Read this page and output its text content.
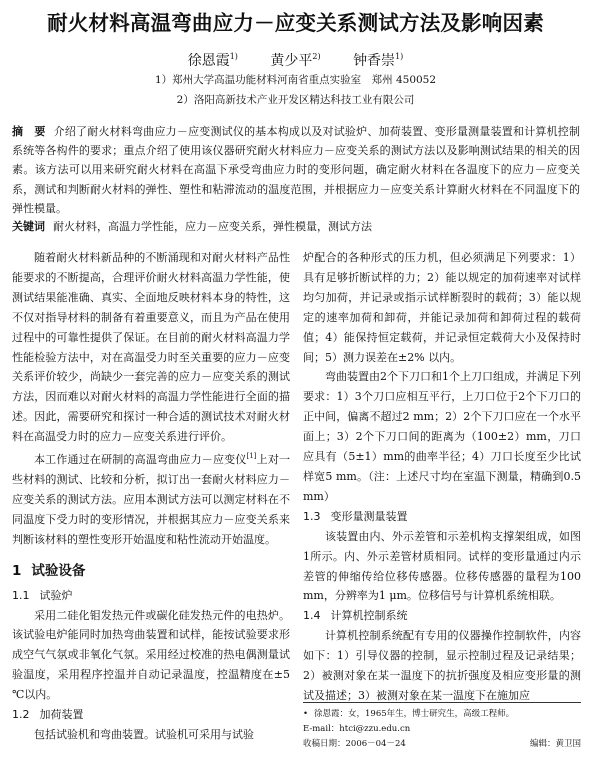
耐火材料高温弯曲应力－应变关系测试方法及影响因素
徐恩霞$^{1)}$ 黄少平$^{2)}$ 钟香崇$^{1)}$
1）郑州大学高温功能材料河南省重点实验室　郑州 450052
2）洛阳高新技术产业开发区精达科技工业有限公司
摘　要 介绍了耐火材料弯曲应力－应变测试仪的基本构成以及对试验炉、加荷装置、变形量测量装置和计算机控制系统等各构件的要求；重点介绍了使用该仪器研究耐火材料应力－应变关系的测试方法以及影响测试结果的相关的因素。该方法可以用来研究耐火材料在高温下承受弯曲应力时的变形问题，确定耐火材料在各温度下的应力－应变关系，测试和判断耐火材料的弹性、塑性和粘滞流动的温度范围，并根据应力－应变关系计算耐火材料在不同温度下的弹性模量。
关键词 耐火材料，高温力学性能，应力－应变关系，弹性模量，测试方法

随着耐火材料新品种的不断涌现和对耐火材料产品性能要求的不断提高，合理评价耐火材料高温力学性能，使测试结果能准确、真实、全面地反映材料本身的特性，这不仅对指导材料的制备有着重要意义，而且为产品在使用过程中的可靠性提供了保证。在目前的耐火材料高温力学性能检验方法中，对在高温受力时至关重要的应力－应变关系评价较少，尚缺少一套完善的应力－应变关系的测试方法，因而难以对耐火材料的高温力学性能进行全面的描述。因此，需要研究和探讨一种合适的测试技术对耐火材料在高温受力时的应力－应变关系进行评价。

本工作通过在研制的高温弯曲应力－应变仪[1]上对一些材料的测试、比较和分析，拟订出一套耐火材料应力－应变关系的测试方法。应用本测试方法可以测定材料在不同温度下受力时的变形情况，并根据其应力－应变关系来判断该材料的塑性变形开始温度和粘性流动开始温度。

1 试验设备
1.1 试验炉

采用二硅化钼发热元件或碳化硅发热元件的电热炉。该试验电炉能同时加热弯曲装置和试样，能按试验要求形成空气气氛或非氧化气氛。采用经过校准的热电偶测量试验温度，采用程序控温并自动记录温度，控温精度在±5 ℃以内。

1.2 加荷装置

包括试验机和弯曲装置。试验机可采用与试验

炉配合的各种形式的压力机，但必须满足下列要求：1）具有足够折断试样的力；2）能以规定的加荷速率对试样均匀加荷，并记录或指示试样断裂时的载荷；3）能以规定的速率加荷和卸荷，并能记录加荷和卸荷过程的载荷值；4）能保持恒定载荷，并记录恒定载荷大小及保持时间；5）测力误差在±2% 以内。

弯曲装置由2个下刀口和1个上刀口组成，并满足下列要求：1）3个刀口应相互平行，上刀口位于2个下刀口的正中间，偏离不超过2 mm；2）2个下刀口应在一个水平面上；3）2个下刀口间的距离为（100±2）mm，刀口应具有（5±1）mm的曲率半径；4）刀口长度至少比试样宽5 mm。（注：上述尺寸均在室温下测量，精确到0.5 mm）

1.3 变形量测量装置

该装置由内、外示差管和示差机构支撑架组成，如图1所示。内、外示差管材质相同。试样的变形量通过内示差管的伸缩传给位移传感器。位移传感器的量程为100 mm，分辨率为1 μm。位移信号与计算机系统相联。

1.4 计算机控制系统

计算机控制系统配有专用的仪器操作控制软件，内容如下：1）引导仪器的控制，显示控制过程及记录结果；2）被测对象在某一温度下的抗折强度及相应变形量的测试及描述；3）被测对象在某一温度下在施加应

• 徐恩霞：女，1965年生，博士研究生，高级工程师。
E-mail：htci@zzu.edu.cn
收稿日期：2006－04－24	编辑：黄卫国
